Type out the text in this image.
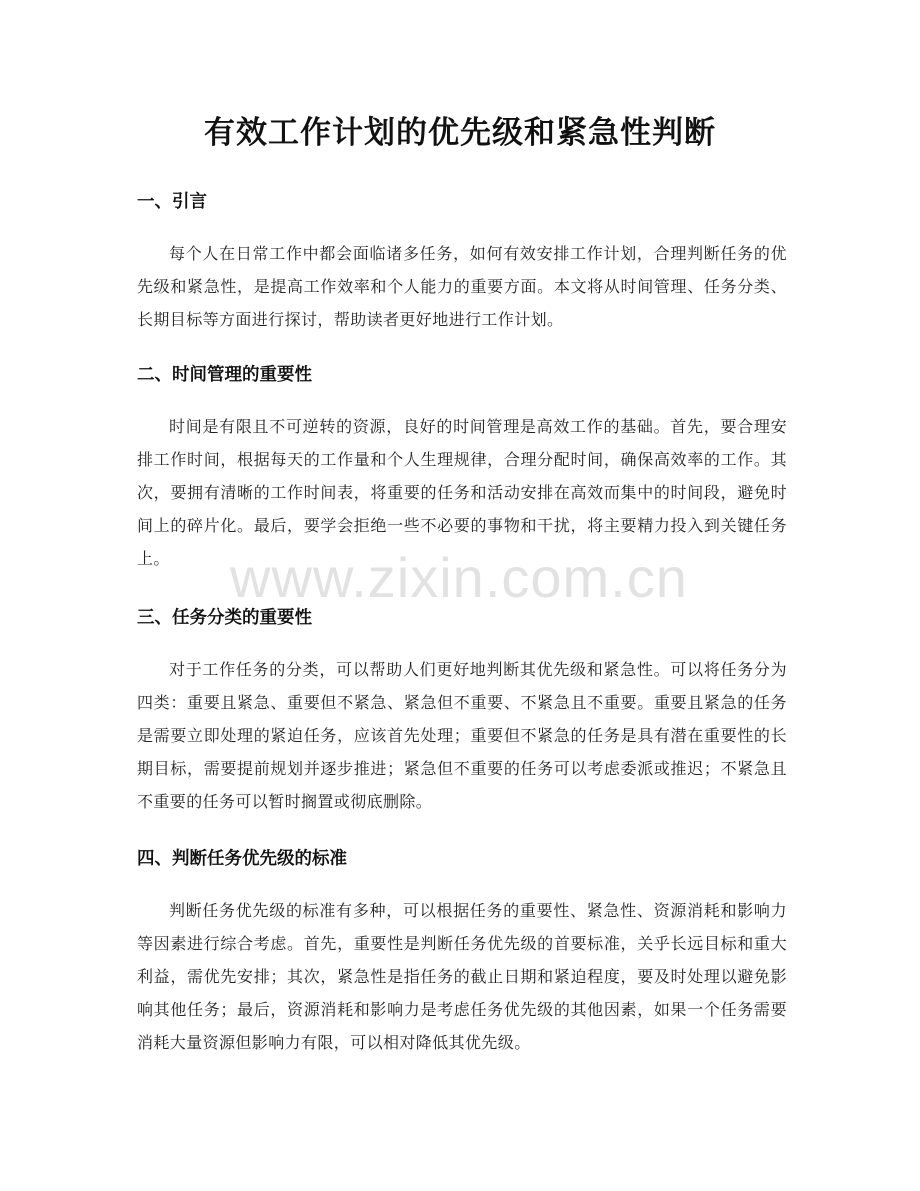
有效工作计划的优先级和紧急性判断
一、引言

每个人在日常工作中都会面临诸多任务，如何有效安排工作计划，合理判断任务的优先级和紧急性，是提高工作效率和个人能力的重要方面。本文将从时间管理、任务分类、长期目标等方面进行探讨，帮助读者更好地进行工作计划。

二、时间管理的重要性

时间是有限且不可逆转的资源，良好的时间管理是高效工作的基础。首先，要合理安排工作时间，根据每天的工作量和个人生理规律，合理分配时间，确保高效率的工作。其次，要拥有清晰的工作时间表，将重要的任务和活动安排在高效而集中的时间段，避免时间上的碎片化。最后，要学会拒绝一些不必要的事物和干扰，将主要精力投入到关键任务上。

三、任务分类的重要性

对于工作任务的分类，可以帮助人们更好地判断其优先级和紧急性。可以将任务分为四类：重要且紧急、重要但不紧急、紧急但不重要、不紧急且不重要。重要且紧急的任务是需要立即处理的紧迫任务，应该首先处理；重要但不紧急的任务是具有潜在重要性的长期目标，需要提前规划并逐步推进；紧急但不重要的任务可以考虑委派或推迟；不紧急且不重要的任务可以暂时搁置或彻底删除。

四、判断任务优先级的标准

判断任务优先级的标准有多种，可以根据任务的重要性、紧急性、资源消耗和影响力等因素进行综合考虑。首先，重要性是判断任务优先级的首要标准，关乎长远目标和重大利益，需优先安排；其次，紧急性是指任务的截止日期和紧迫程度，要及时处理以避免影响其他任务；最后，资源消耗和影响力是考虑任务优先级的其他因素，如果一个任务需要消耗大量资源但影响力有限，可以相对降低其优先级。

www.zixin.com.cn
